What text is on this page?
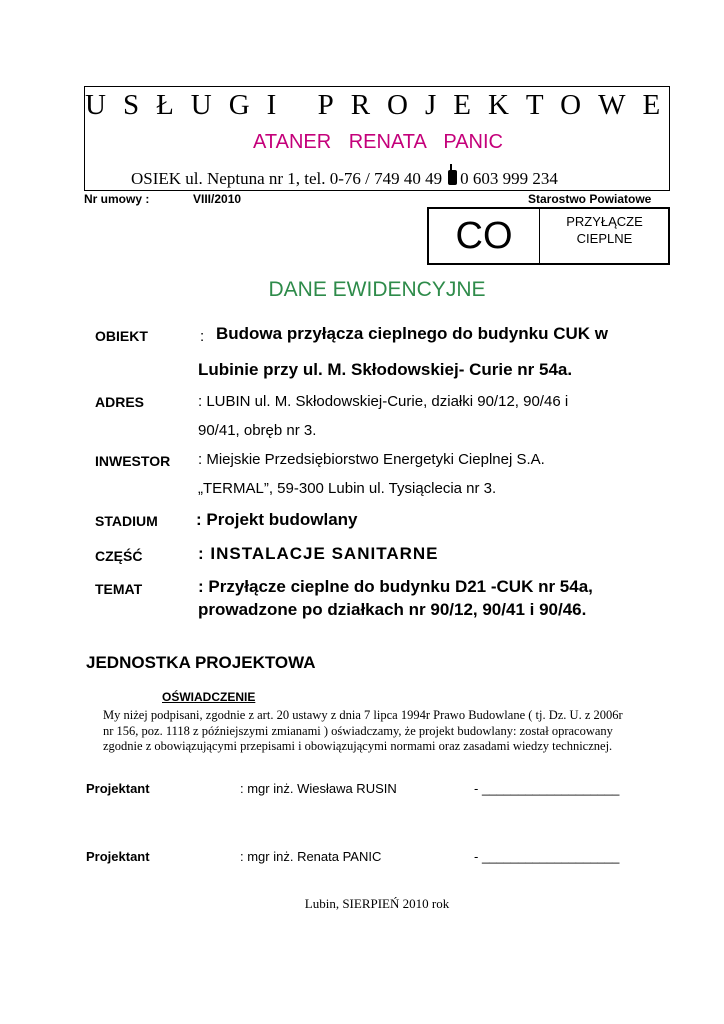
USŁUGI PROJEKTOWE
ATANER RENATA PANIC
OSIEK ul. Neptuna nr 1, tel. 0-76 / 749 40 49 0 603 999 234
Nr umowy :	VIII/2010	Starostwo Powiatowe
CO	PRZYŁĄCZE
CIEPLNE
DANE EWIDENCYJNE
OBIEKT	: Budowa przyłącza cieplnego do budynku CUK w
Lubinie przy ul. M. Skłodowskiej- Curie nr 54a.
ADRES	: LUBIN ul. M. Skłodowskiej-Curie, działki 90/12, 90/46 i
90/41, obręb nr 3.
INWESTOR : Miejskie Przedsiębiorstwo Energetyki Cieplnej S.A.
„TERMAL”, 59-300 Lubin ul. Tysiąclecia nr 3.
STADIUM : Projekt budowlany
CZĘŚĆ	: INSTALACJE SANITARNE
TEMAT	: Przyłącze cieplne do budynku D21 -CUK nr 54a,
prowadzone po działkach nr 90/12, 90/41 i 90/46.
JEDNOSTKA PROJEKTOWA
OŚWIADCZENIE
My niżej podpisani, zgodnie z art. 20 ustawy z dnia 7 lipca 1994r Prawo Budowlane ( tj. Dz. U. z 2006r
nr 156, poz. 1118 z późniejszymi zmianami ) oświadczamy, że projekt budowlany: został opracowany
zgodnie z obowiązującymi przepisami i obowiązującymi normami oraz zasadami wiedzy technicznej.
Projektant	: mgr inż. Wiesława RUSIN	- ___________________
Projektant	: mgr inż. Renata PANIC	- ___________________
Lubin, SIERPIEŃ 2010 rok
